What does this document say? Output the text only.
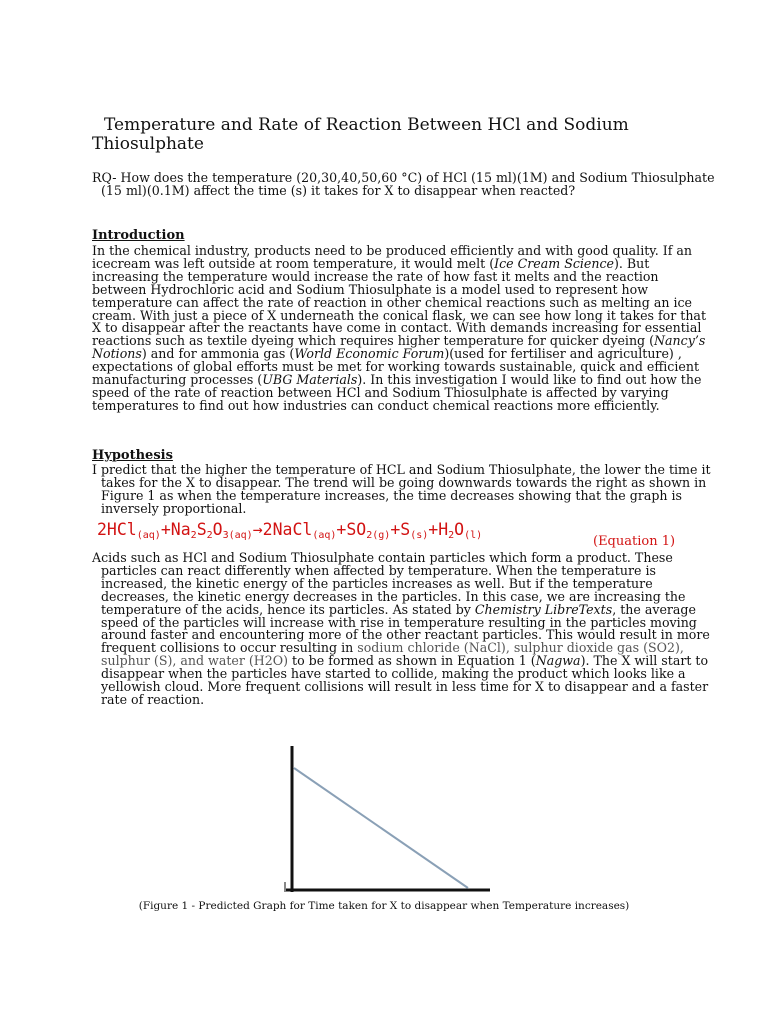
Temperature and Rate of Reaction Between HCl and Sodium
Thiosulphate

RQ- How does the temperature (20,30,40,50,60 °C) of HCl (15 ml)(1M) and Sodium Thiosulphate (15 ml)(0.1M) affect the time (s) it takes for X to disappear when reacted?

Introduction

In the chemical industry, products need to be produced efficiently and with good quality. If an icecream was left outside at room temperature, it would melt (Ice Cream Science). But increasing the temperature would increase the rate of how fast it melts and the reaction between Hydrochloric acid and Sodium Thiosulphate is a model used to represent how temperature can affect the rate of reaction in other chemical reactions such as melting an ice cream. With just a piece of X underneath the conical flask, we can see how long it takes for that X to disappear after the reactants have come in contact. With demands increasing for essential reactions such as textile dyeing which requires higher temperature for quicker dyeing (Nancy’s Notions) and for ammonia gas (World Economic Forum)(used for fertiliser and agriculture) , expectations of global efforts must be met for working towards sustainable, quick and efficient manufacturing processes (UBG Materials). In this investigation I would like to find out how the speed of the rate of reaction between HCl and Sodium Thiosulphate is affected by varying temperatures to find out how industries can conduct chemical reactions more efficiently.

Hypothesis

I predict that the higher the temperature of HCL and Sodium Thiosulphate, the lower the time it takes for the X to disappear. The trend will be going downwards towards the right as shown in Figure 1 as when the temperature increases, the time decreases showing that the graph is inversely proportional.

$2HCl_{(aq)}+Na_2S_2O_{3(aq)}\to 2NaCl_{(aq)}+SO_{2(g)}+S_{(s)}+H_2O_{(l)}$	(Equation 1)

Acids such as HCl and Sodium Thiosulphate contain particles which form a product. These particles can react differently when affected by temperature. When the temperature is increased, the kinetic energy of the particles increases as well. But if the temperature decreases, the kinetic energy decreases in the particles. In this case, we are increasing the temperature of the acids, hence its particles. As stated by Chemistry LibreTexts, the average speed of the particles will increase with rise in temperature resulting in the particles moving around faster and encountering more of the other reactant particles. This would result in more frequent collisions to occur resulting in sodium chloride (NaCl), sulphur dioxide gas (SO2), sulphur (S), and water (H2O) to be formed as shown in Equation 1 (Nagwa). The X will start to disappear when the particles have started to collide, making the product which looks like a yellowish cloud. More frequent collisions will result in less time for X to disappear and a faster rate of reaction.

(Figure 1 - Predicted Graph for Time taken for X to disappear when Temperature increases)
